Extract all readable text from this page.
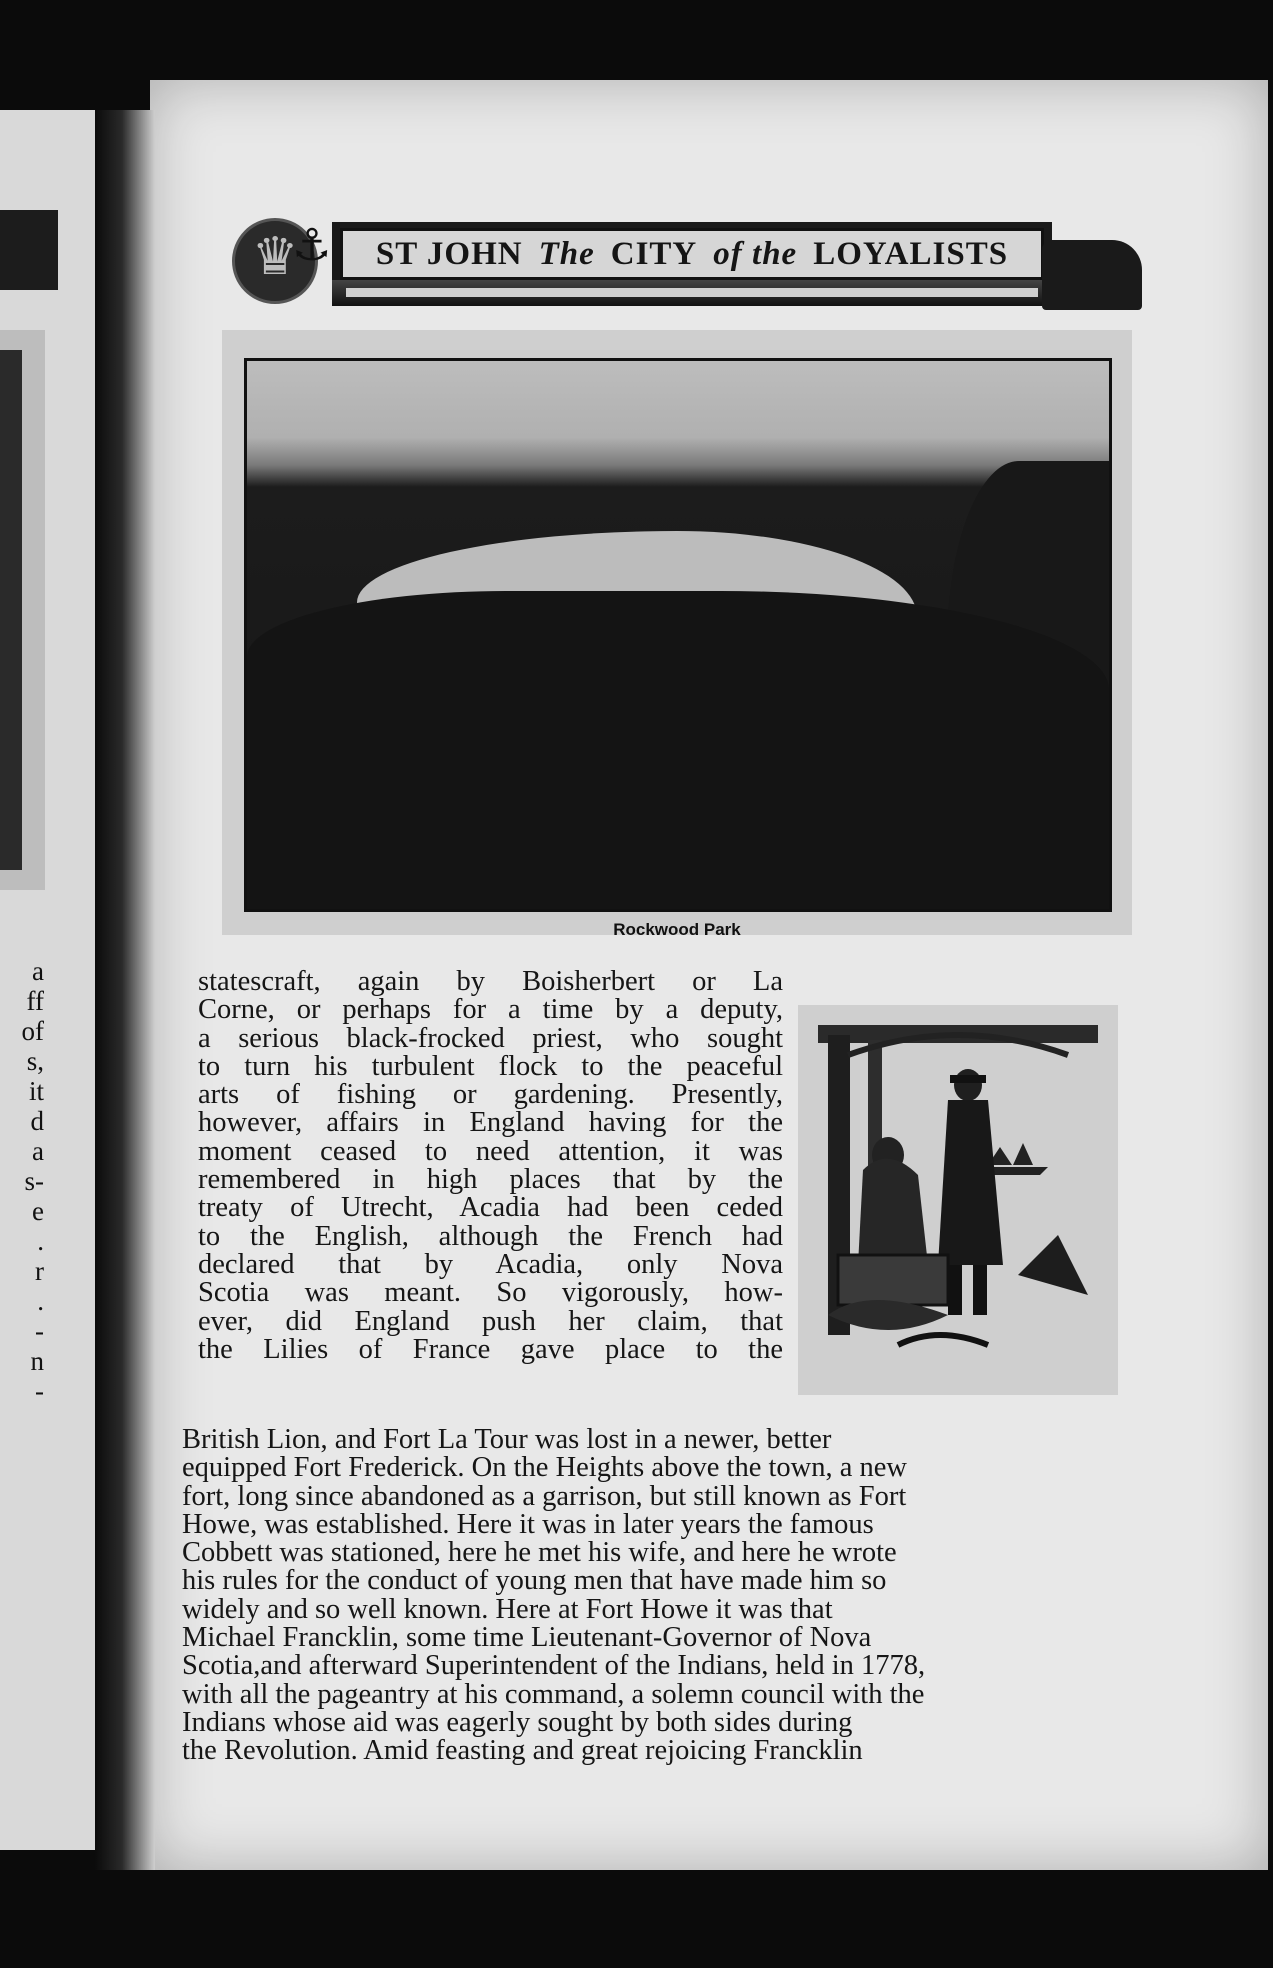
a
ff
of
s,
it
d
a
s-
e
.
r
.
-
n
-
♛
⚓	ST JOHN The CITY of the LOYALISTS
Rockwood Park
statescraft, again by Boisherbert or La
Corne, or perhaps for a time by a deputy,
a serious black-frocked priest, who sought
to turn his turbulent flock to the peaceful
arts of fishing or gardening. Presently,
however, affairs in England having for the
moment ceased to need attention, it was
remembered in high places that by the
treaty of Utrecht, Acadia had been ceded
to the English, although the French had
declared that by Acadia, only Nova
Scotia was meant. So vigorously, how-
ever, did England push her claim, that
the Lilies of France gave place to the
British Lion, and Fort La Tour was lost in a newer, better
equipped Fort Frederick. On the Heights above the town, a new
fort, long since abandoned as a garrison, but still known as Fort
Howe, was established. Here it was in later years the famous
Cobbett was stationed, here he met his wife, and here he wrote
his rules for the conduct of young men that have made him so
widely and so well known. Here at Fort Howe it was that
Michael Francklin, some time Lieutenant-Governor of Nova
Scotia,and afterward Superintendent of the Indians, held in 1778,
with all the pageantry at his command, a solemn council with the
Indians whose aid was eagerly sought by both sides during
the Revolution. Amid feasting and great rejoicing Francklin
